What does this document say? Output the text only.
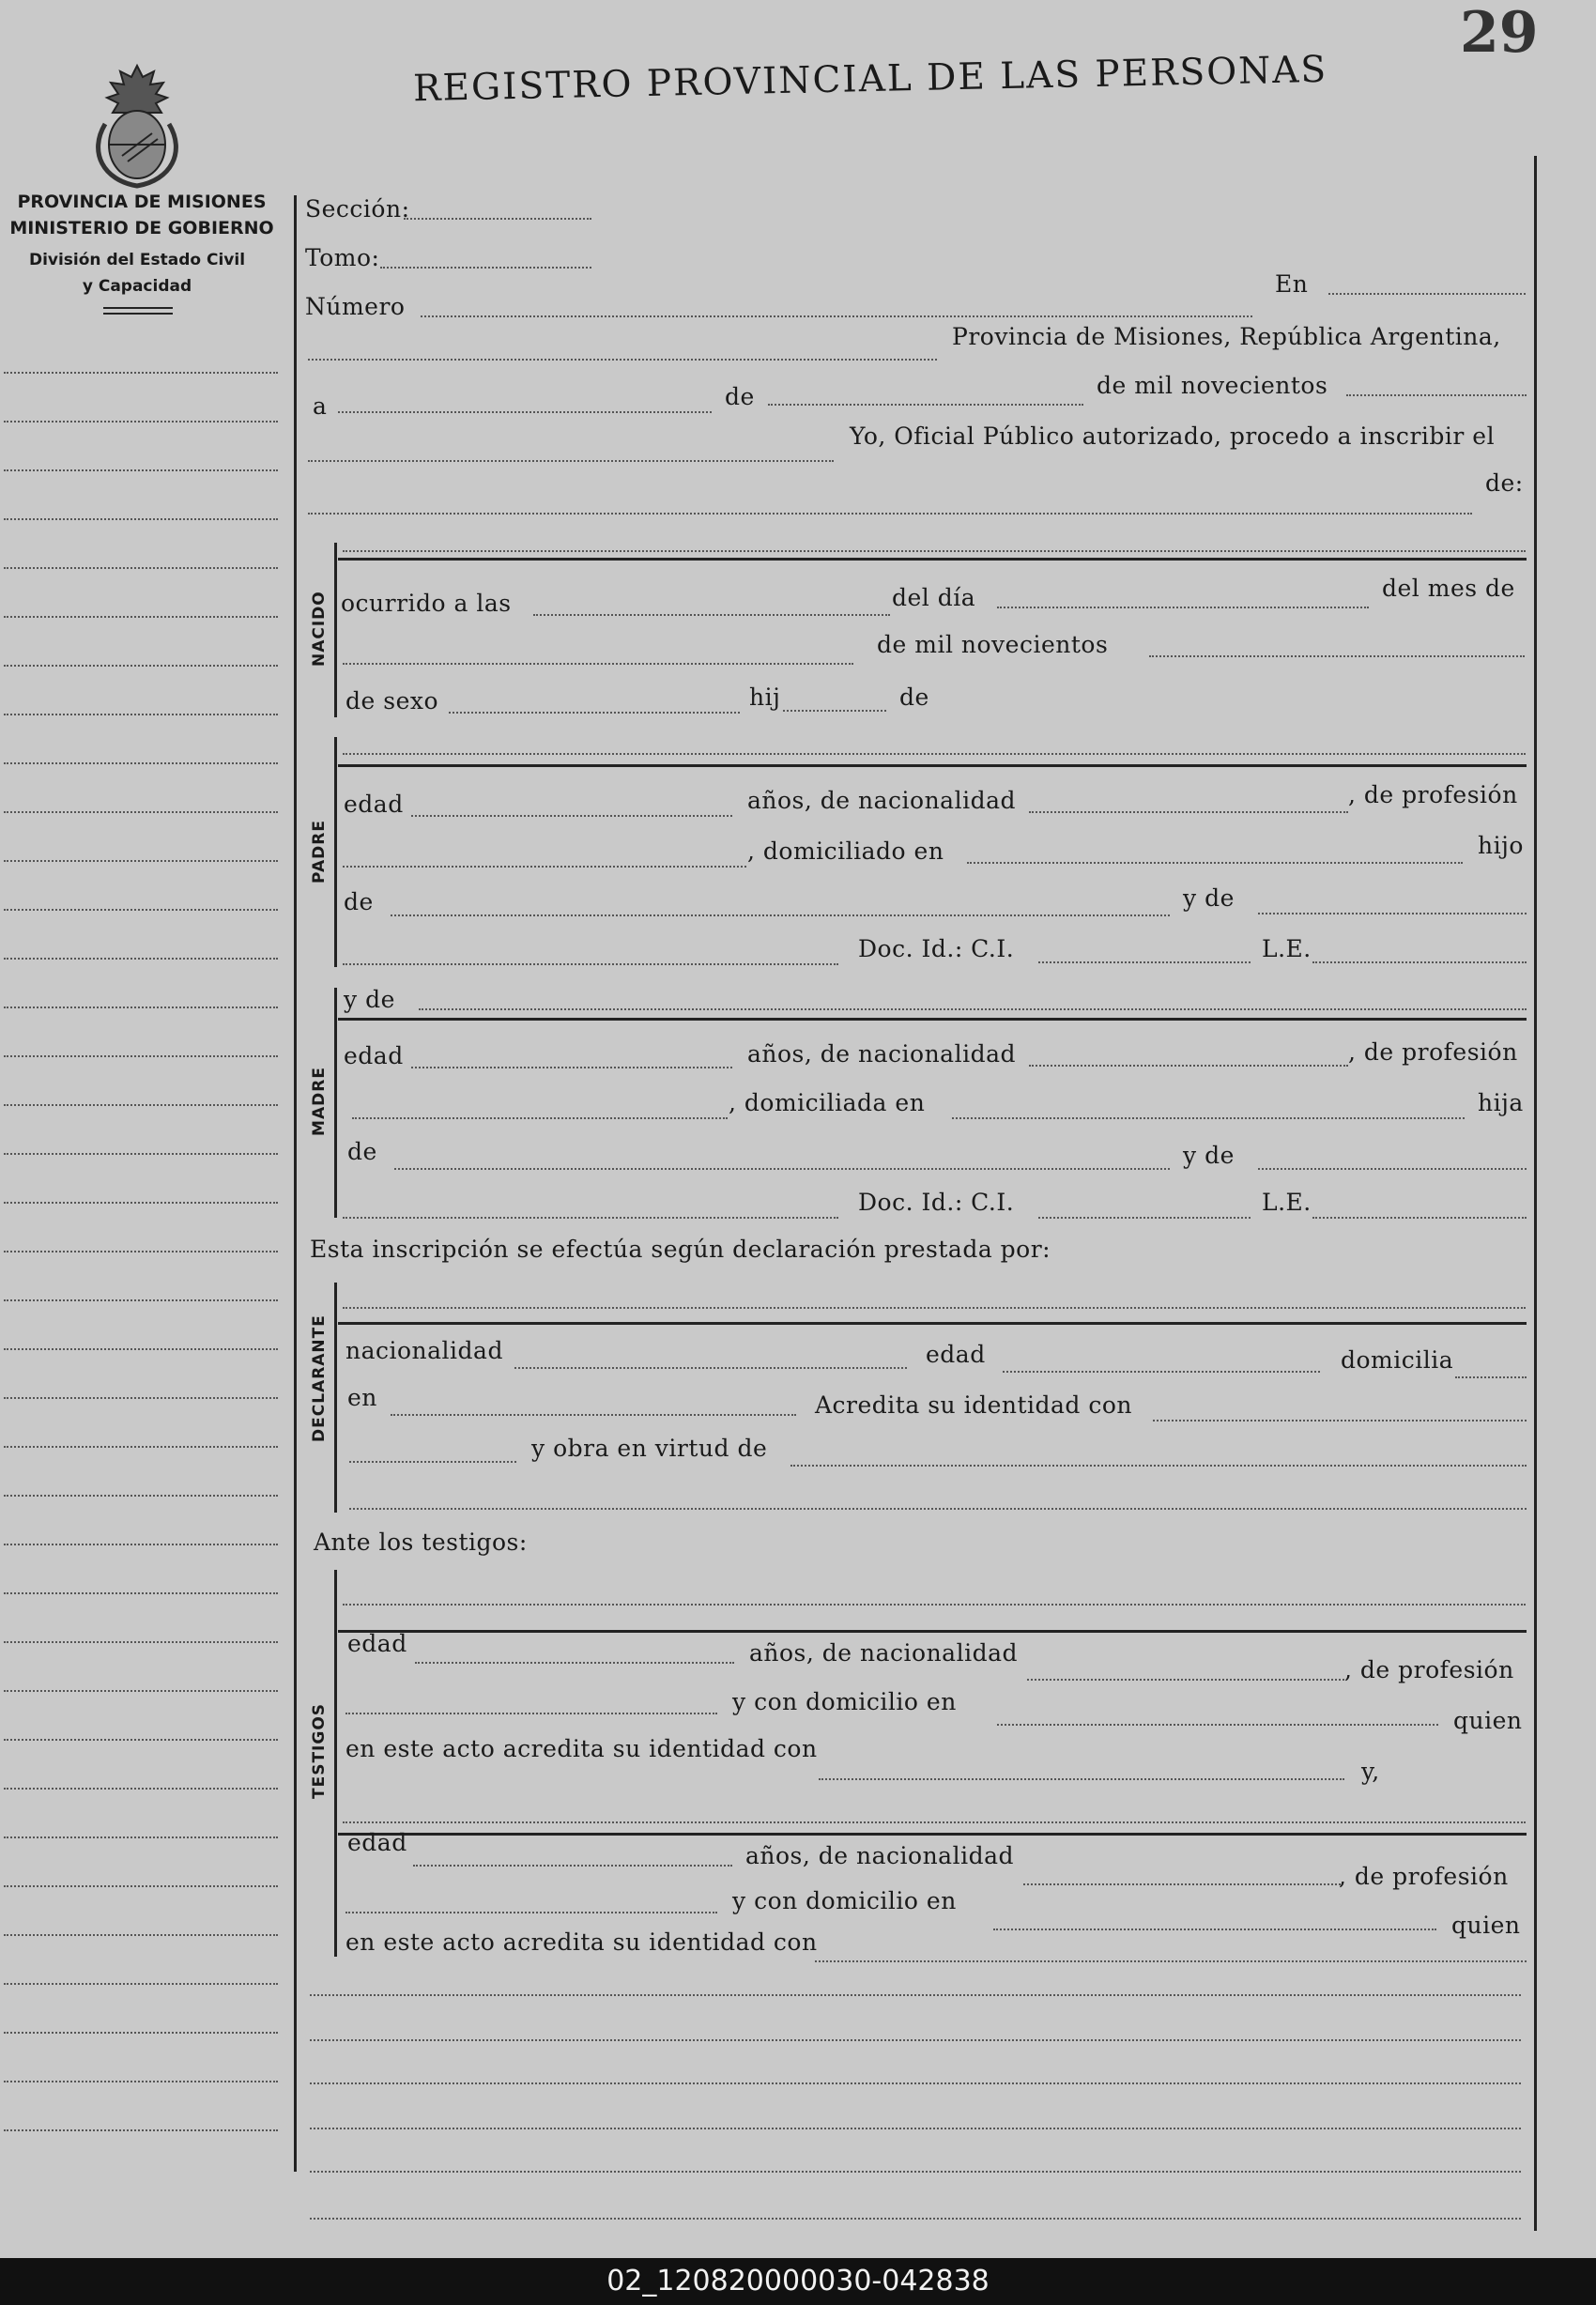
29
REGISTRO PROVINCIAL DE LAS PERSONAS
PROVINCIA DE MISIONES
MINISTERIO DE GOBIERNO
División del Estado Civil
y Capacidad
Sección:
Tomo:
Número
En
Provincia de Misiones, República Argentina,
a	de	de mil novecientos
Yo, Oficial Público autorizado, procedo a inscribir el
de:
NACIDO ocurrido a las	del día	del mes de
de mil novecientos
de sexo	hij	de
PADRE
edad	años, de nacionalidad	, de profesión
, domiciliado en	hijo
de	y de
Doc. Id.: C.I.	L.E.
MADRE
y de
edad	años, de nacionalidad	, de profesión
, domiciliada en	hija
de	y de
Doc. Id.: C.I.	L.E.
Esta inscripción se efectúa según declaración prestada por:
DECLARANTE nacionalidad	edad	domicilia
en	Acredita su identidad con
y obra en virtud de
Ante los testigos:
TESTIGOS
edad	años, de nacionalidad
, de profesión
y con domicilio en
quien
en este acto acredita su identidad con
y,
edad	años, de nacionalidad
, de profesión
y con domicilio en
quien
en este acto acredita su identidad con
02_120820000030-042838
